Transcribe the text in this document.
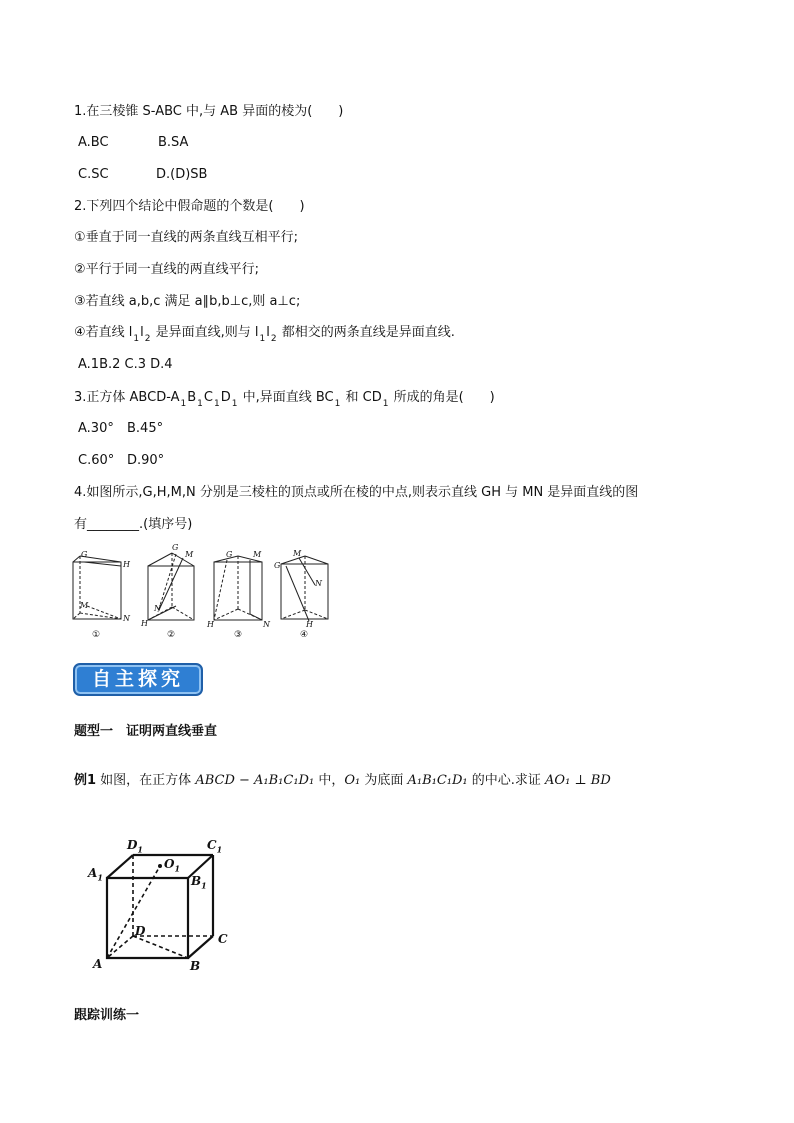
1.在三棱锥 S-ABC 中,与 AB 异面的棱为(　　)
A.BC	B.SA
C.SC	D.(D)SB
2.下列四个结论中假命题的个数是(　　)
①垂直于同一直线的两条直线互相平行;
②平行于同一直线的两直线平行;
③若直线 a,b,c 满足 a∥b,b⊥c,则 a⊥c;
④若直线 $l_1l_2$ 是异面直线,则与 $l_1l_2$ 都相交的两条直线是异面直线.
A.1B.2 C.3 D.4
3.正方体 ABCD-$A_1B_1C_1D_1$ 中,异面直线 $BC_1$ 和 $CD_1$ 所成的角是(　　)
A.30° B.45°
C.60° D.90°
4.如图所示,G,H,M,N 分别是三棱柱的顶点或所在棱的中点,则表示直线 GH 与 MN 是异面直线的图
有________.(填序号)
G
H
M
N
G
M
N
H
G	M
H	N
G
M
N
H
①	②	③	④
自主探究
题型一　证明两直线垂直
例1 如图，在正方体 ABCD − A₁B₁C₁D₁ 中，O₁ 为底面 A₁B₁C₁D₁ 的中心.求证 AO₁ ⊥ BD
$D_1$	$C_1$
$A_1$
$O_1$
$B_1$
D
C
A	B
跟踪训练一
